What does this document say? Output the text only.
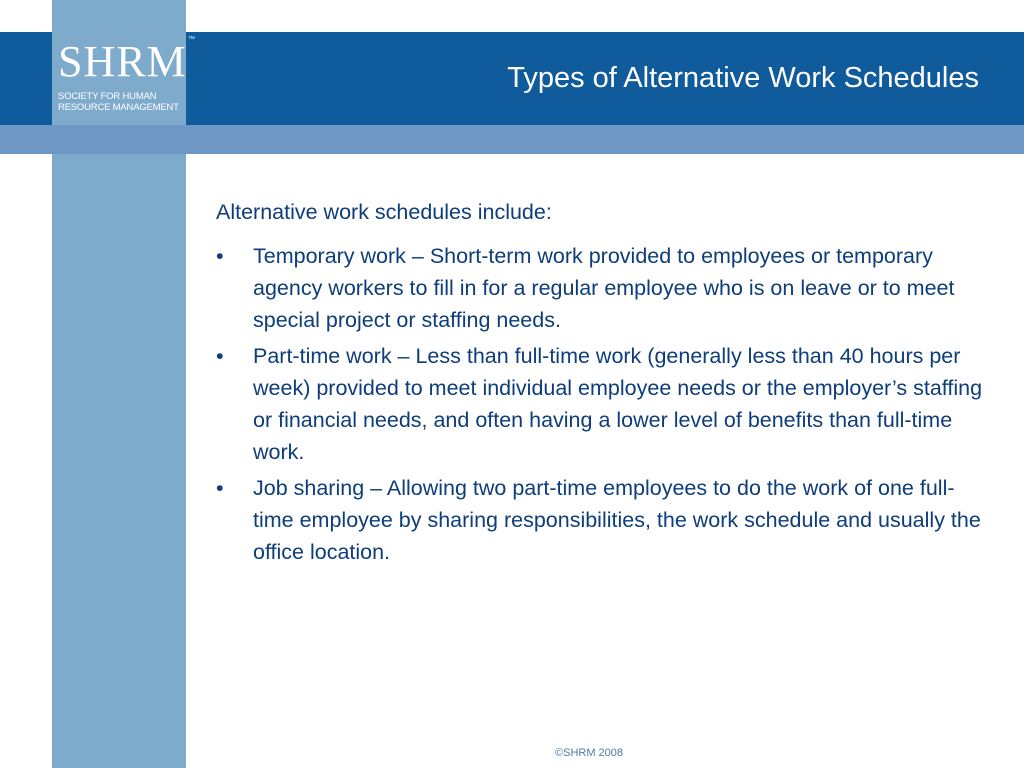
SHRM ™
SOCIETY FOR HUMAN
RESOURCE MANAGEMENT
Types of Alternative Work Schedules

Alternative work schedules include:

• Temporary work – Short-term work provided to employees or temporary agency workers to fill in for a regular employee who is on leave or to meet special project or staffing needs.
• Part-time work – Less than full-time work (generally less than 40 hours per week) provided to meet individual employee needs or the employer’s staffing or financial needs, and often having a lower level of benefits than full-time work.
• Job sharing – Allowing two part-time employees to do the work of one full-time employee by sharing responsibilities, the work schedule and usually the office location.
©SHRM 2008
